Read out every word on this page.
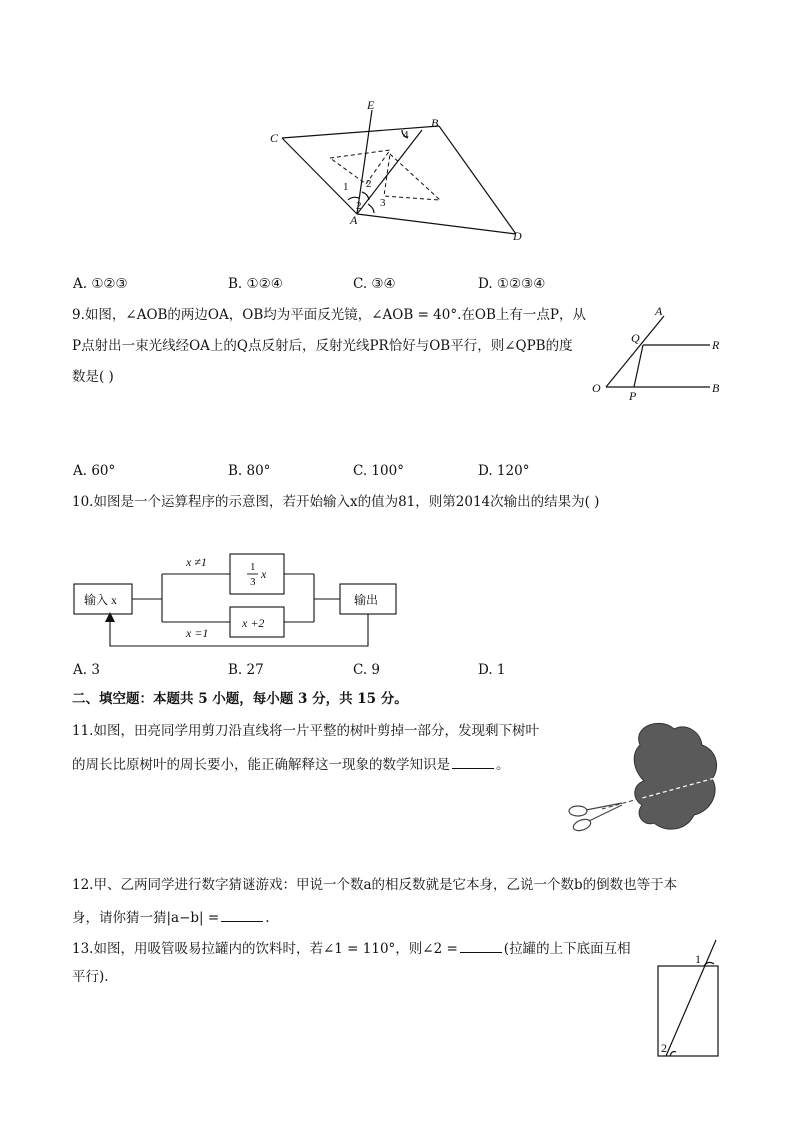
E
B
C
A
D
1 2
3
4
2
A. ①②③	B. ①②④	C. ③④	D. ①②③④
9.如图，∠AOB的两边OA，OB均为平面反光镜，∠AOB = 40°.在OB上有一点P，从
P点射出一束光线经OA上的Q点反射后，反射光线PR恰好与OB平行，则∠QPB的度
数是( )
A
Q	R
O
P
B
A. 60°	B. 80°	C. 100°	D. 120°
10.如图是一个运算程序的示意图，若开始输入x的值为81，则第2014次输出的结果为( )
输入 x	输出
x ≠1
x =1
1
3
x
x +2
A. 3	B. 27	C. 9	D. 1
二、填空题：本题共 5 小题，每小题 3 分，共 15 分。
11.如图，田亮同学用剪刀沿直线将一片平整的树叶剪掉一部分，发现剩下树叶
的周长比原树叶的周长要小，能正确解释这一现象的数学知识是	。
12.甲、乙两同学进行数字猜谜游戏：甲说一个数a的相反数就是它本身，乙说一个数b的倒数也等于本
身，请你猜一猜|a−b| =	.
13.如图，用吸管吸易拉罐内的饮料时，若∠1 = 110°，则∠2 =	(拉罐的上下底面互相
平行).
1
2
